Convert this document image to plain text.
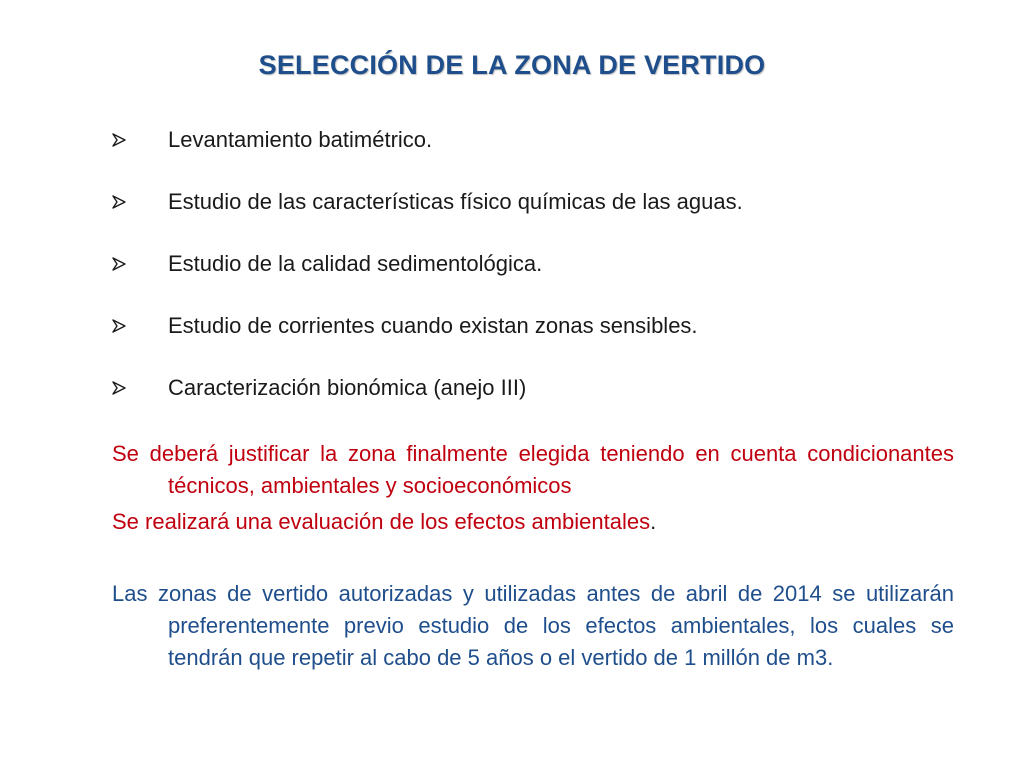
SELECCIÓN DE LA ZONA DE VERTIDO
Levantamiento batimétrico.
Estudio de las características físico químicas de las aguas.
Estudio de la calidad sedimentológica.
Estudio de corrientes cuando existan zonas sensibles.
Caracterización bionómica (anejo III)
Se deberá justificar la zona finalmente elegida teniendo en cuenta condicionantes técnicos, ambientales y socioeconómicos
Se realizará una evaluación de los efectos ambientales.
Las zonas de vertido autorizadas y utilizadas antes de abril de 2014 se utilizarán preferentemente previo estudio de los efectos ambientales, los cuales se tendrán que repetir al cabo de 5 años o el vertido de 1 millón de m3.
